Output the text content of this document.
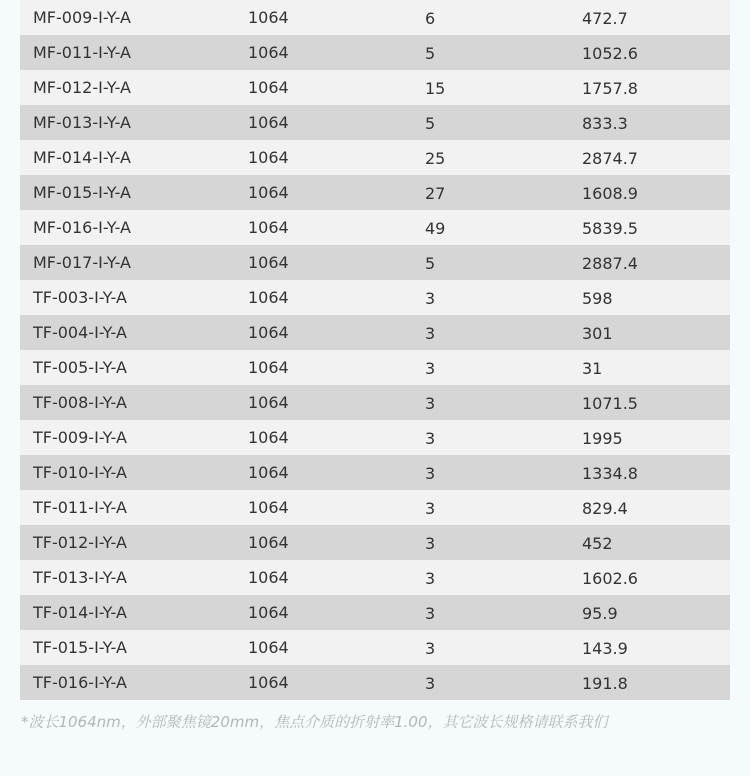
MF-009-I-Y-A	1064	6	472.7
MF-011-I-Y-A	1064	5	1052.6
MF-012-I-Y-A	1064	15	1757.8
MF-013-I-Y-A	1064	5	833.3
MF-014-I-Y-A	1064	25	2874.7
MF-015-I-Y-A	1064	27	1608.9
MF-016-I-Y-A	1064	49	5839.5
MF-017-I-Y-A	1064	5	2887.4
TF-003-I-Y-A	1064	3	598
TF-004-I-Y-A	1064	3	301
TF-005-I-Y-A	1064	3	31
TF-008-I-Y-A	1064	3	1071.5
TF-009-I-Y-A	1064	3	1995
TF-010-I-Y-A	1064	3	1334.8
TF-011-I-Y-A	1064	3	829.4
TF-012-I-Y-A	1064	3	452
TF-013-I-Y-A	1064	3	1602.6
TF-014-I-Y-A	1064	3	95.9
TF-015-I-Y-A	1064	3	143.9
TF-016-I-Y-A	1064	3	191.8
*波长1064nm，外部聚焦镜20mm，焦点介质的折射率1.00，其它波长规格请联系我们
